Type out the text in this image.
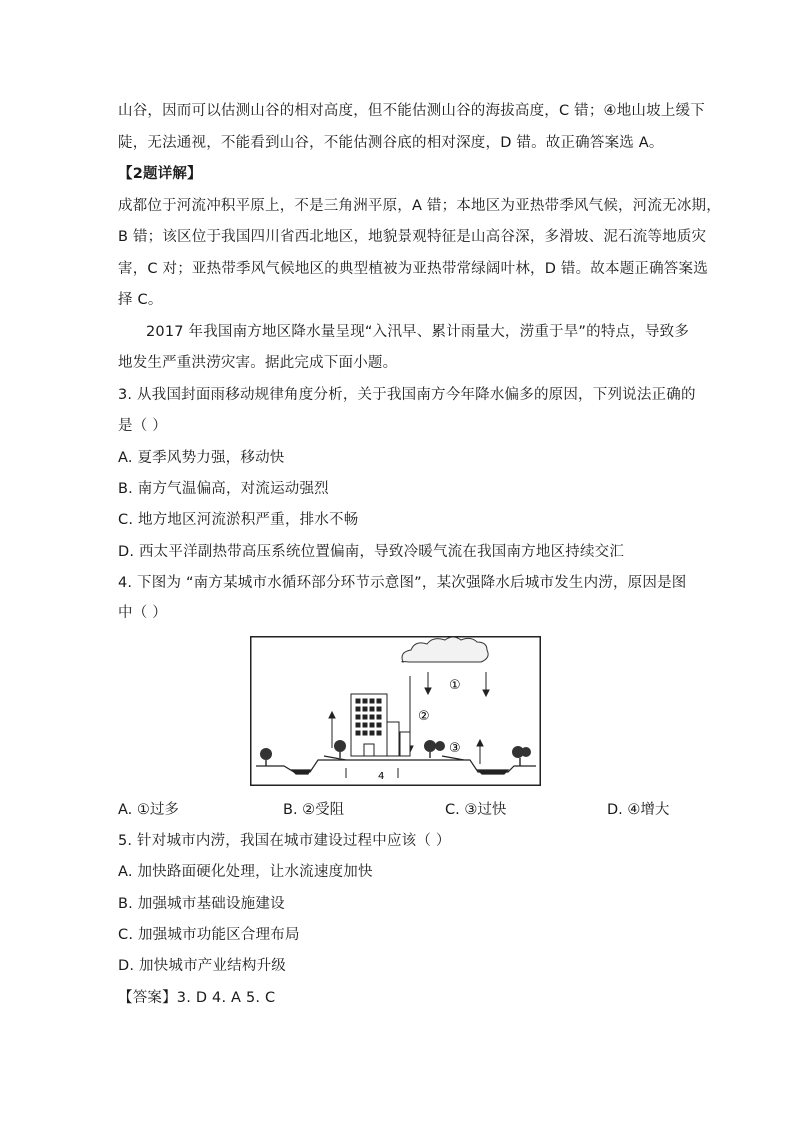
山谷，因而可以估测山谷的相对高度，但不能估测山谷的海拔高度，C 错；④地山坡上缓下
陡，无法通视，不能看到山谷，不能估测谷底的相对深度，D 错。故正确答案选 A。
【2题详解】
成都位于河流冲积平原上，不是三角洲平原，A 错；本地区为亚热带季风气候，河流无冰期，
B 错；该区位于我国四川省西北地区，地貌景观特征是山高谷深，多滑坡、泥石流等地质灾
害，C 对；亚热带季风气候地区的典型植被为亚热带常绿阔叶林，D 错。故本题正确答案选
择 C。
2017 年我国南方地区降水量呈现“入汛早、累计雨量大，涝重于旱”的特点，导致多
地发生严重洪涝灾害。据此完成下面小题。
3. 从我国封面雨移动规律角度分析，关于我国南方今年降水偏多的原因，下列说法正确的
是（ ）
A. 夏季风势力强，移动快
B. 南方气温偏高，对流运动强烈
C. 地方地区河流淤积严重，排水不畅
D. 西太平洋副热带高压系统位置偏南，导致冷暖气流在我国南方地区持续交汇
4. 下图为 “南方某城市水循环部分环节示意图”，某次强降水后城市发生内涝，原因是图
中（ ）
①
②
③
4
A. ①过多	B. ②受阻	C. ③过快	D. ④增大
5. 针对城市内涝，我国在城市建设过程中应该（ ）
A. 加快路面硬化处理，让水流速度加快
B. 加强城市基础设施建设
C. 加强城市功能区合理布局
D. 加快城市产业结构升级
【答案】3. D 4. A 5. C
